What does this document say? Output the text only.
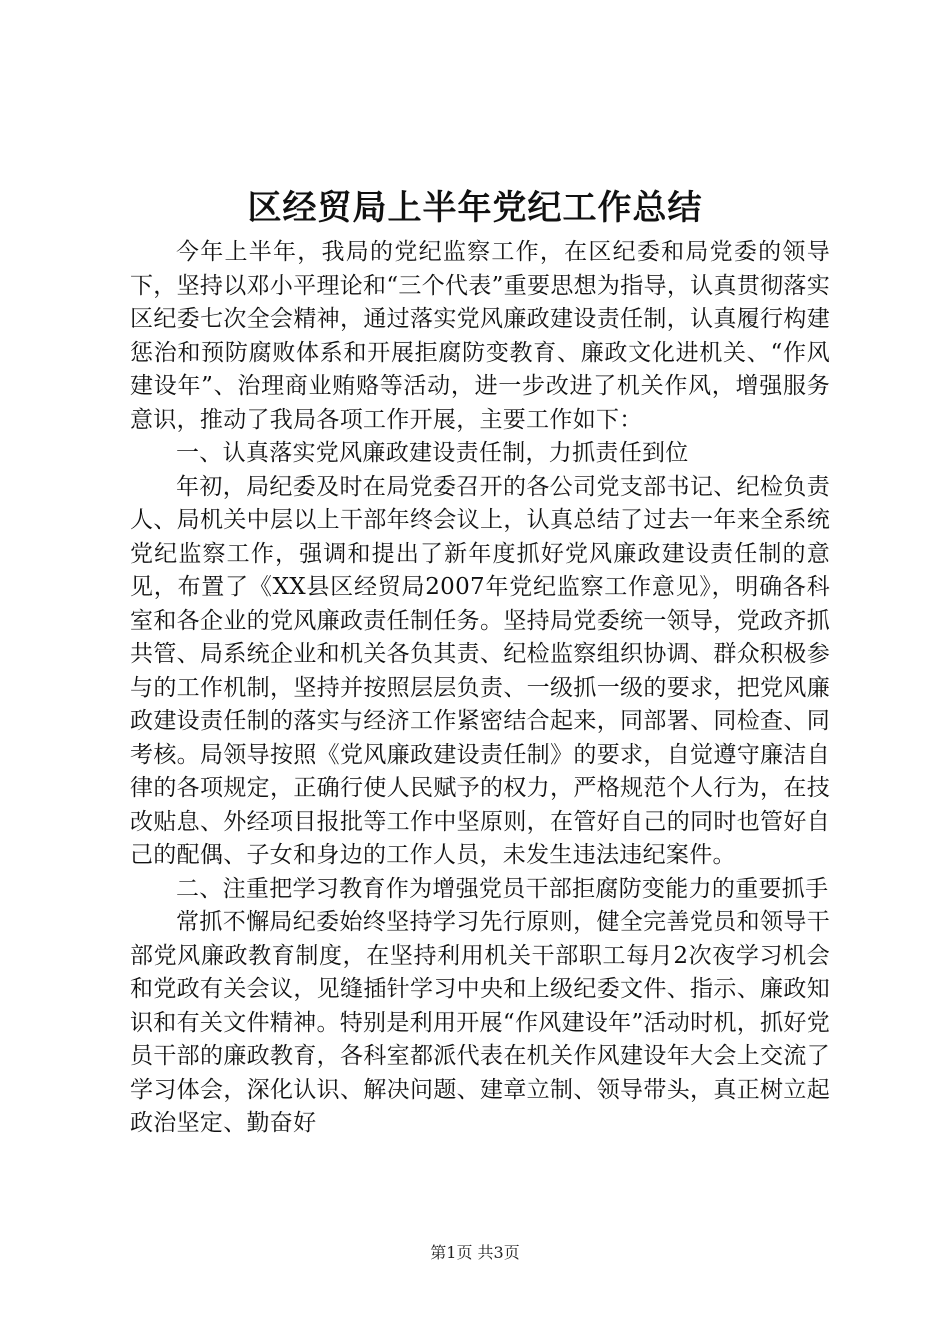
区经贸局上半年党纪工作总结

今年上半年，我局的党纪监察工作，在区纪委和局党委的领导下，坚持以邓小平理论和“三个代表”重要思想为指导，认真贯彻落实区纪委七次全会精神，通过落实党风廉政建设责任制，认真履行构建惩治和预防腐败体系和开展拒腐防变教育、廉政文化进机关、“作风建设年”、治理商业贿赂等活动，进一步改进了机关作风，增强服务意识，推动了我局各项工作开展，主要工作如下：

一、认真落实党风廉政建设责任制，力抓责任到位

年初，局纪委及时在局党委召开的各公司党支部书记、纪检负责人、局机关中层以上干部年终会议上，认真总结了过去一年来全系统党纪监察工作，强调和提出了新年度抓好党风廉政建设责任制的意见，布置了《XX县区经贸局2007年党纪监察工作意见》，明确各科室和各企业的党风廉政责任制任务。坚持局党委统一领导，党政齐抓共管、局系统企业和机关各负其责、纪检监察组织协调、群众积极参与的工作机制，坚持并按照层层负责、一级抓一级的要求，把党风廉政建设责任制的落实与经济工作紧密结合起来，同部署、同检查、同考核。局领导按照《党风廉政建设责任制》的要求，自觉遵守廉洁自律的各项规定，正确行使人民赋予的权力，严格规范个人行为，在技改贴息、外经项目报批等工作中坚原则，在管好自己的同时也管好自己的配偶、子女和身边的工作人员，未发生违法违纪案件。

二、注重把学习教育作为增强党员干部拒腐防变能力的重要抓手

常抓不懈局纪委始终坚持学习先行原则，健全完善党员和领导干部党风廉政教育制度，在坚持利用机关干部职工每月2次夜学习机会和党政有关会议，见缝插针学习中央和上级纪委文件、指示、廉政知识和有关文件精神。特别是利用开展“作风建设年”活动时机，抓好党员干部的廉政教育，各科室都派代表在机关作风建设年大会上交流了学习体会，深化认识、解决问题、建章立制、领导带头，真正树立起政治坚定、勤奋好

第1页 共3页
